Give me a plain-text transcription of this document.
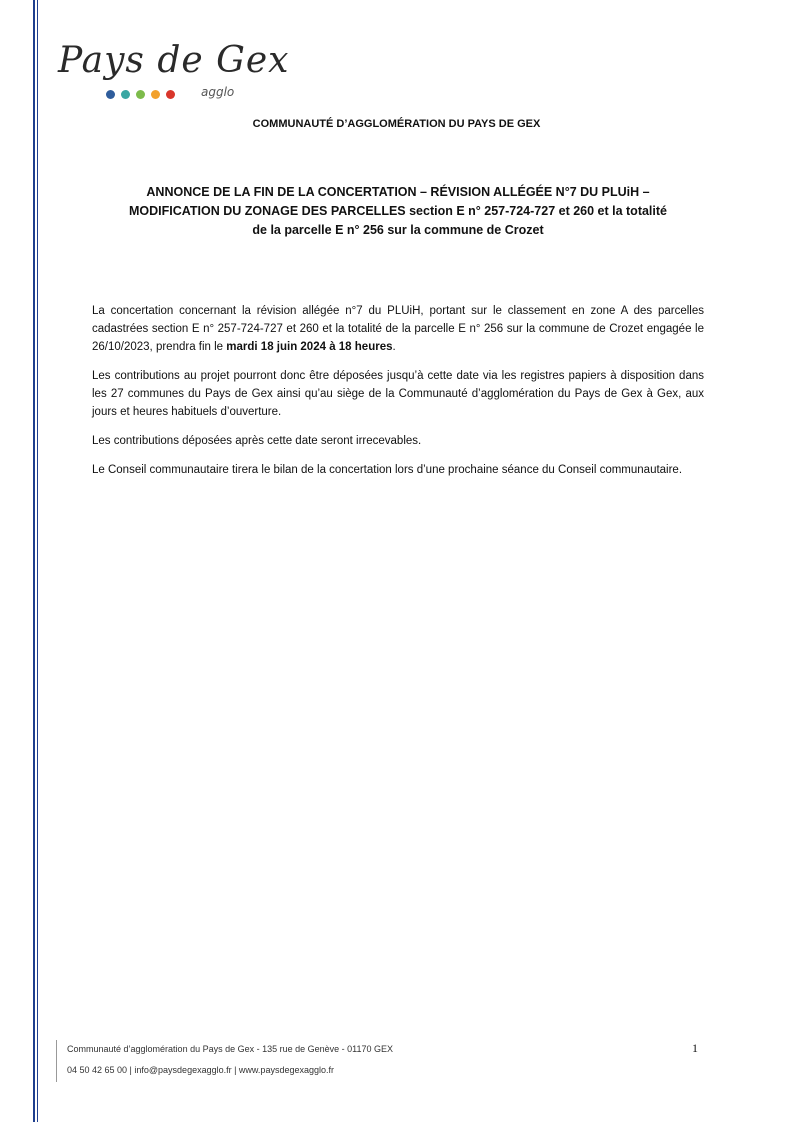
Pays de Gex
agglo
COMMUNAUTÉ D’AGGLOMÉRATION DU PAYS DE GEX
ANNONCE DE LA FIN DE LA CONCERTATION – RÉVISION ALLÉGÉE N°7 DU PLUiH –
MODIFICATION DU ZONAGE DES PARCELLES section E n° 257-724-727 et 260 et la totalité
de la parcelle E n° 256 sur la commune de Crozet

La concertation concernant la révision allégée n°7 du PLUiH, portant sur le classement en zone A des parcelles cadastrées section E n° 257-724-727 et 260 et la totalité de la parcelle E n° 256 sur la commune de Crozet engagée le 26/10/2023, prendra fin le mardi 18 juin 2024 à 18 heures.

Les contributions au projet pourront donc être déposées jusqu’à cette date via les registres papiers à disposition dans les 27 communes du Pays de Gex ainsi qu’au siège de la Communauté d’agglomération du Pays de Gex à Gex, aux jours et heures habituels d’ouverture.

Les contributions déposées après cette date seront irrecevables.

Le Conseil communautaire tirera le bilan de la concertation lors d’une prochaine séance du Conseil communautaire.

Communauté d’agglomération du Pays de Gex - 135 rue de Genève - 01170 GEX
04 50 42 65 00 | info@paysdegexagglo.fr | www.paysdegexagglo.fr
1
